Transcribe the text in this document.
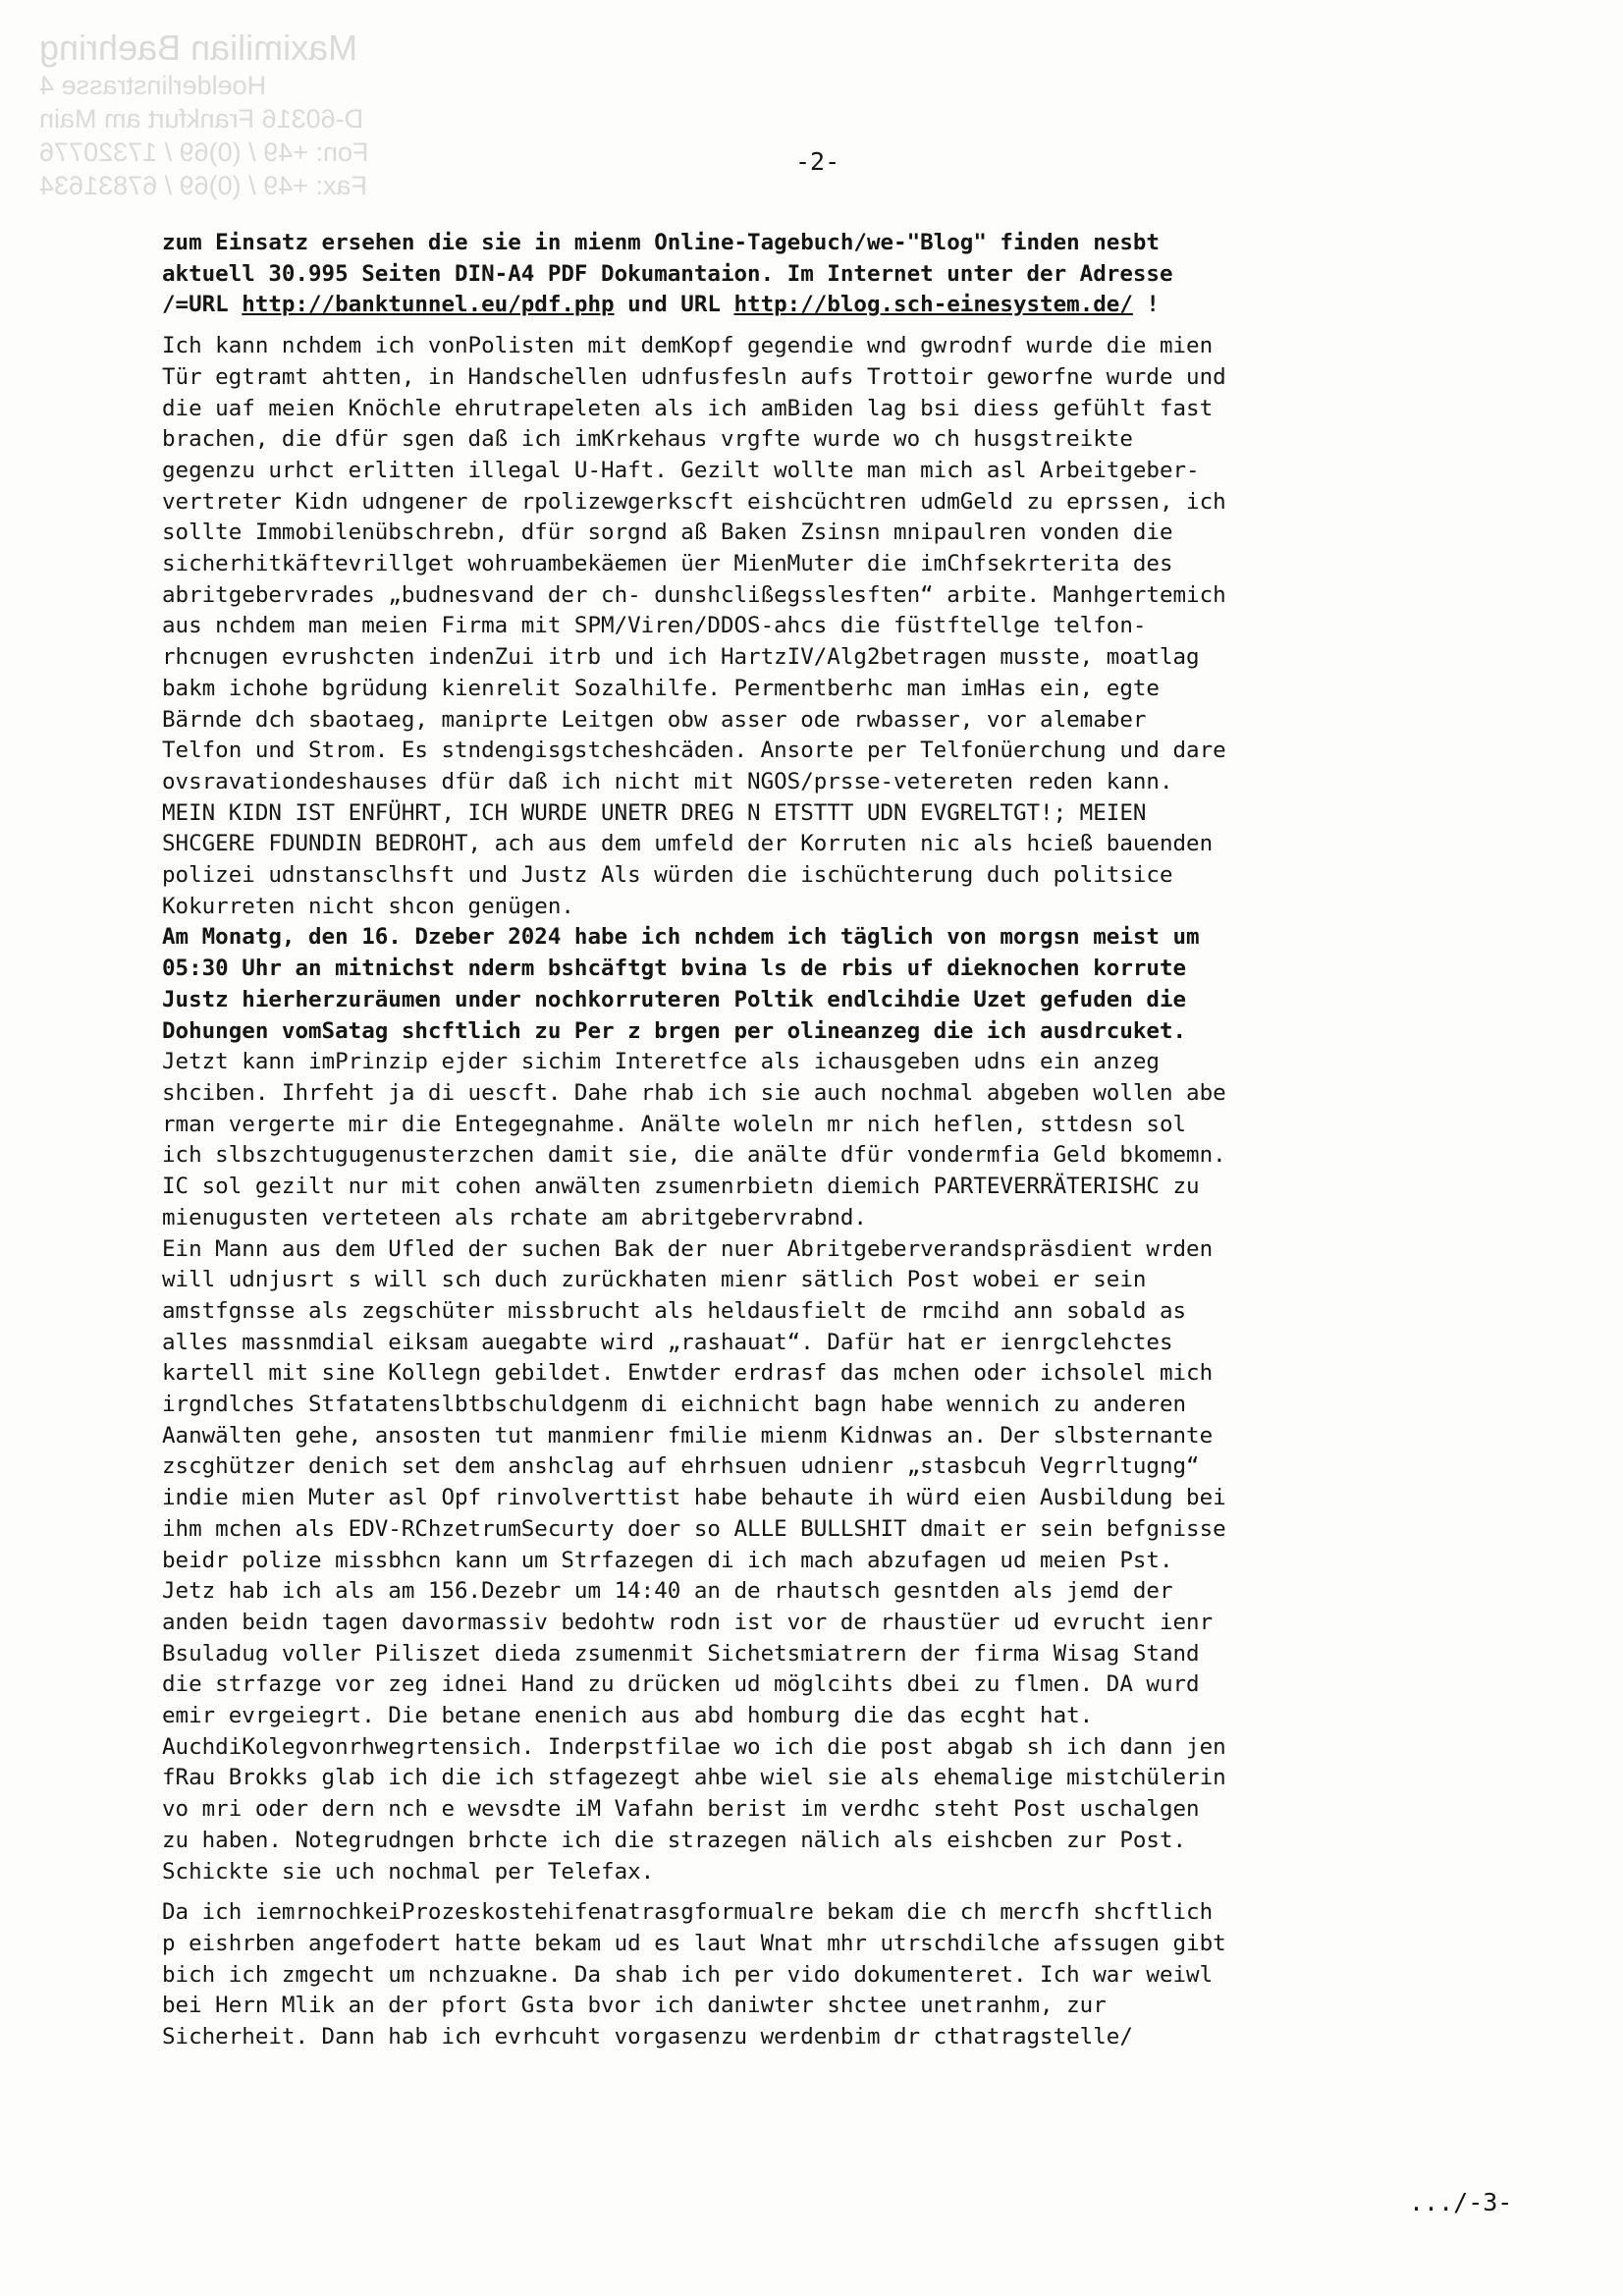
Maximilian Baehring
Hoelderlinstrasse 4
D-60316 Frankfurt am Main
Fon: +49 / (0)69 / 17320776
Fax: +49 / (0)69 / 67831634
-2-

zum Einsatz ersehen die sie in mienm Online-Tagebuch/we-"Blog" finden nesbt

aktuell 30.995 Seiten DIN-A4 PDF Dokumantaion. Im Internet unter der Adresse

/=URL http://banktunnel.eu/pdf.php und URL http://blog.sch-einesystem.de/ !

Ich kann nchdem ich vonPolisten mit demKopf gegendie wnd gwrodnf wurde die mien

Tür egtramt ahtten, in Handschellen udnfusfesln aufs Trottoir geworfne wurde und

die uaf meien Knöchle ehrutrapeleten als ich amBiden lag bsi diess gefühlt fast

brachen, die dfür sgen daß ich imKrkehaus vrgfte wurde wo ch husgstreikte

gegenzu urhct erlitten illegal U-Haft. Gezilt wollte man mich asl Arbeitgeber-

vertreter Kidn udngener de rpolizewgerkscft eishcüchtren udmGeld zu eprssen, ich

sollte Immobilenübschrebn, dfür sorgnd aß Baken Zsinsn mnipaulren vonden die

sicherhitkäftevrillget wohruambekäemen üer MienMuter die imChfsekrterita des

abritgebervrades „budnesvand der ch- dunshclißegsslesften“ arbite. Manhgertemich

aus nchdem man meien Firma mit SPM/Viren/DDOS-ahcs die füstftellge telfon-

rhcnugen evrushcten indenZui itrb und ich HartzIV/Alg2betragen musste, moatlag

bakm ichohe bgrüdung kienrelit Sozalhilfe. Permentberhc man imHas ein, egte

Bärnde dch sbaotaeg, maniprte Leitgen obw asser ode rwbasser, vor alemaber

Telfon und Strom. Es stndengisgstcheshcäden. Ansorte per Telfonüerchung und dare

ovsravationdeshauses dfür daß ich nicht mit NGOS/prsse-vetereten reden kann.

MEIN KIDN IST ENFÜHRT, ICH WURDE UNETR DREG N ETSTTT UDN EVGRELTGT!; MEIEN

SHCGERE FDUNDIN BEDROHT, ach aus dem umfeld der Korruten nic als hcieß bauenden

polizei udnstansclhsft und Justz Als würden die ischüchterung duch politsice

Kokurreten nicht shcon genügen.

Am Monatg, den 16. Dzeber 2024 habe ich nchdem ich täglich von morgsn meist um

05:30 Uhr an mitnichst nderm bshcäftgt bvina ls de rbis uf dieknochen korrute

Justz hierherzuräumen under nochkorruteren Poltik endlcihdie Uzet gefuden die

Dohungen vomSatag shcftlich zu Per z brgen per olineanzeg die ich ausdrcuket.

Jetzt kann imPrinzip ejder sichim Interetfce als ichausgeben udns ein anzeg

shciben. Ihrfeht ja di uescft. Dahe rhab ich sie auch nochmal abgeben wollen abe

rman vergerte mir die Entegegnahme. Anälte woleln mr nich heflen, sttdesn sol

ich slbszchtugugenusterzchen damit sie, die anälte dfür vondermfia Geld bkomemn.

IC sol gezilt nur mit cohen anwälten zsumenrbietn diemich PARTEVERRÄTERISHC zu

mienugusten verteteen als rchate am abritgebervrabnd.

Ein Mann aus dem Ufled der suchen Bak der nuer Abritgeberverandspräsdient wrden

will udnjusrt s will sch duch zurückhaten mienr sätlich Post wobei er sein

amstfgnsse als zegschüter missbrucht als heldausfielt de rmcihd ann sobald as

alles massnmdial eiksam auegabte wird „rashauat“. Dafür hat er ienrgclehctes

kartell mit sine Kollegn gebildet. Enwtder erdrasf das mchen oder ichsolel mich

irgndlches Stfatatenslbtbschuldgenm di eichnicht bagn habe wennich zu anderen

Aanwälten gehe, ansosten tut manmienr fmilie mienm Kidnwas an. Der slbsternante

zscghützer denich set dem anshclag auf ehrhsuen udnienr „stasbcuh Vegrrltugng“

indie mien Muter asl Opf rinvolverttist habe behaute ih würd eien Ausbildung bei

ihm mchen als EDV-RChzetrumSecurty doer so ALLE BULLSHIT dmait er sein befgnisse

beidr polize missbhcn kann um Strfazegen di ich mach abzufagen ud meien Pst.

Jetz hab ich als am 156.Dezebr um 14:40 an de rhautsch gesntden als jemd der

anden beidn tagen davormassiv bedohtw rodn ist vor de rhaustüer ud evrucht ienr

Bsuladug voller Piliszet dieda zsumenmit Sichetsmiatrern der firma Wisag Stand

die strfazge vor zeg idnei Hand zu drücken ud möglcihts dbei zu flmen. DA wurd

emir evrgeiegrt. Die betane enenich aus abd homburg die das ecght hat.

AuchdiKolegvonrhwegrtensich. Inderpstfilae wo ich die post abgab sh ich dann jen

fRau Brokks glab ich die ich stfagezegt ahbe wiel sie als ehemalige mistchülerin

vo mri oder dern nch e wevsdte iM Vafahn berist im verdhc steht Post uschalgen

zu haben. Notegrudngen brhcte ich die strazegen nälich als eishcben zur Post.

Schickte sie uch nochmal per Telefax.

Da ich iemrnochkeiProzeskostehifenatrasgformualre bekam die ch mercfh shcftlich

p eishrben angefodert hatte bekam ud es laut Wnat mhr utrschdilche afssugen gibt

bich ich zmgecht um nchzuakne. Da shab ich per vido dokumenteret. Ich war weiwl

bei Hern Mlik an der pfort Gsta bvor ich daniwter shctee unetranhm, zur

Sicherheit. Dann hab ich evrhcuht vorgasenzu werdenbim dr cthatragstelle/

.../-3-
